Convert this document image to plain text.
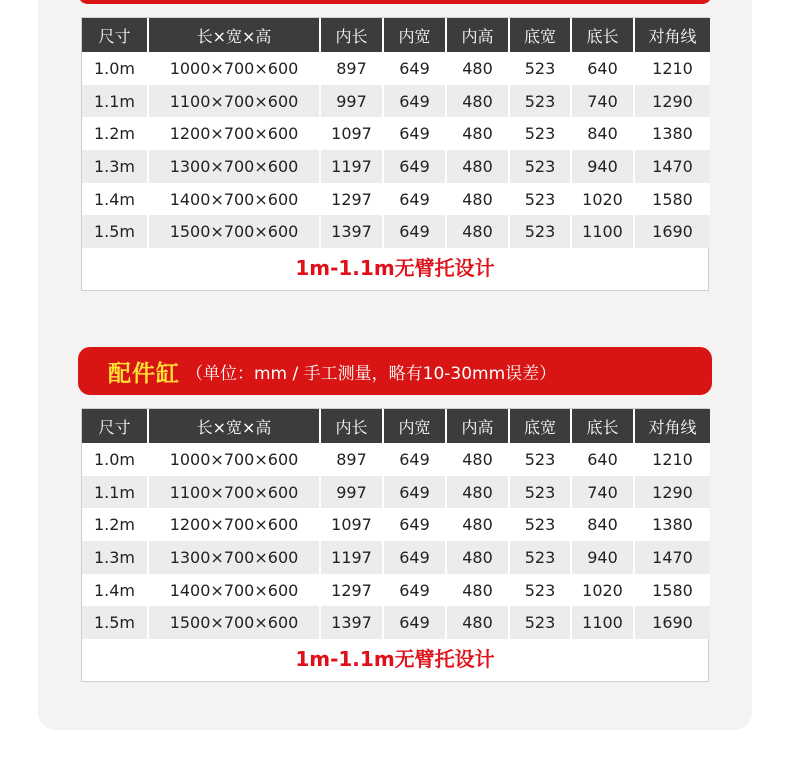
尺寸	长×宽×高	内长	内宽	内高	底宽	底长	对角线
1.0m	1000×700×600	897	649	480	523	640	1210
1.1m	1100×700×600	997	649	480	523	740	1290
1.2m	1200×700×600	1097	649	480	523	840	1380
1.3m	1300×700×600	1197	649	480	523	940	1470
1.4m	1400×700×600	1297	649	480	523	1020	1580
1.5m	1500×700×600	1397	649	480	523	1100	1690
1m-1.1m无臂托设计
配件缸 （单位：mm / 手工测量，略有10-30mm误差）
尺寸	长×宽×高	内长	内宽	内高	底宽	底长	对角线
1.0m	1000×700×600	897	649	480	523	640	1210
1.1m	1100×700×600	997	649	480	523	740	1290
1.2m	1200×700×600	1097	649	480	523	840	1380
1.3m	1300×700×600	1197	649	480	523	940	1470
1.4m	1400×700×600	1297	649	480	523	1020	1580
1.5m	1500×700×600	1397	649	480	523	1100	1690
1m-1.1m无臂托设计
